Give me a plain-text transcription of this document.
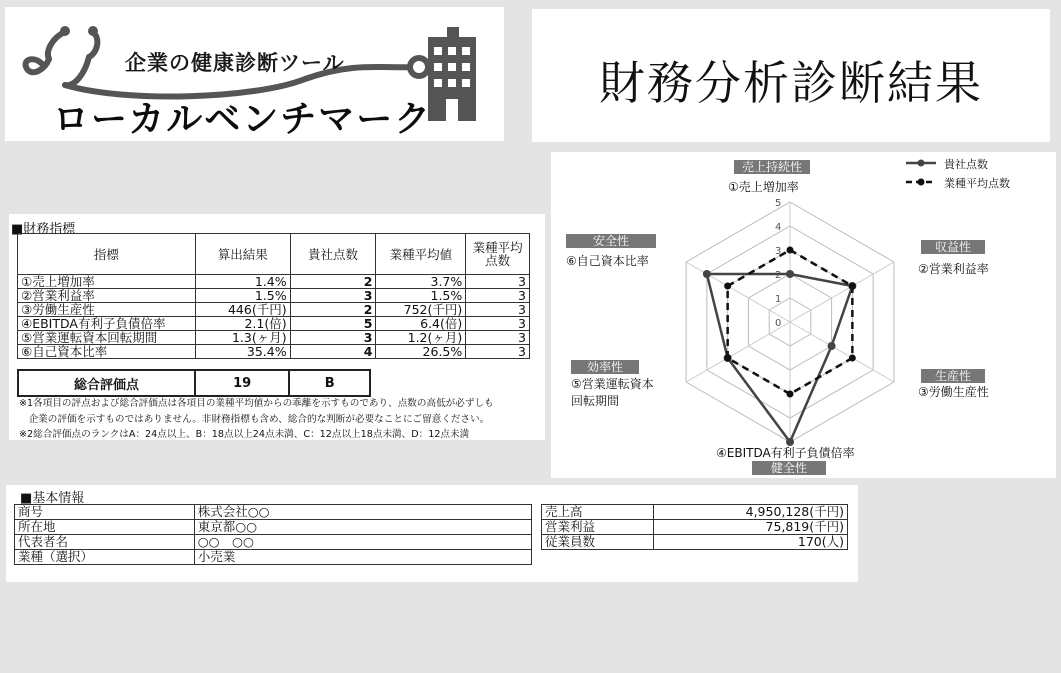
企業の健康診断ツール
ローカルベンチマーク
財務分析診断結果
■財務指標
指標	算出結果	貴社点数	業種平均値	業種平均
点数
①売上増加率	1.4%	2	3.7%	3
②営業利益率	1.5%	3	1.5%	3
③労働生産性	446(千円)	2	752(千円)	3
④EBITDA有利子負債倍率	2.1(倍)	5	6.4(倍)	3
⑤営業運転資本回転期間	1.3(ヶ月)	3	1.2(ヶ月)	3
⑥自己資本比率	35.4%	4	26.5%	3
総合評価点	19	B
※1各項目の評点および総合評価点は各項目の業種平均値からの乖離を示すものであり、点数の高低が必ずしも
　企業の評価を示すものではありません。非財務指標も含め、総合的な判断が必要なことにご留意ください。
※2総合評価点のランクはA：24点以上、B：18点以上24点未満、C：12点以上18点未満、D：12点未満
0
1
2
3
4
5
貴社点数
業種平均点数
売上持続性
①売上増加率
収益性
②営業利益率
生産性
③労働生産性
健全性
④EBITDA有利子負債倍率
効率性
⑤営業運転資本
回転期間
安全性
⑥自己資本比率
■基本情報
商号	株式会社○○
所在地	東京都○○
代表者名	○○　○○
業種（選択）	小売業
売上高	4,950,128(千円)
営業利益	75,819(千円)
従業員数	170(人)
